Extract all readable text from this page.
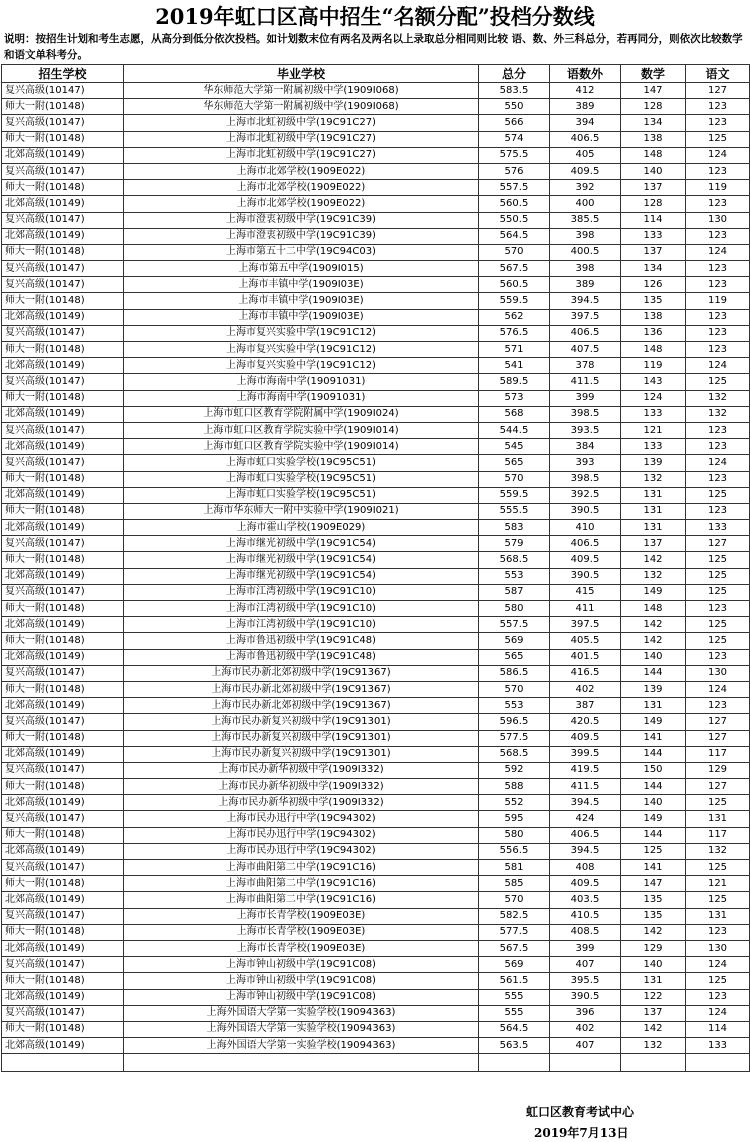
2019年虹口区高中招生“名额分配”投档分数线
说明：按招生计划和考生志愿，从高分到低分依次投档。如计划数末位有两名及两名以上录取总分相同则比较 语、数、外三科总分，若再同分，则依次比较数学和语文单科考分。
招生学校	毕业学校	总分	语数外	数学	语文
复兴高级(10147)	华东师范大学第一附属初级中学(1909I068)	583.5	412	147	127
师大一附(10148)	华东师范大学第一附属初级中学(1909I068)	550	389	128	123
复兴高级(10147)	上海市北虹初级中学(19C91C27)	566	394	134	123
师大一附(10148)	上海市北虹初级中学(19C91C27)	574	406.5	138	125
北郊高级(10149)	上海市北虹初级中学(19C91C27)	575.5	405	148	124
复兴高级(10147)	上海市北郊学校(1909E022)	576	409.5	140	123
师大一附(10148)	上海市北郊学校(1909E022)	557.5	392	137	119
北郊高级(10149)	上海市北郊学校(1909E022)	560.5	400	128	123
复兴高级(10147)	上海市澄衷初级中学(19C91C39)	550.5	385.5	114	130
北郊高级(10149)	上海市澄衷初级中学(19C91C39)	564.5	398	133	123
师大一附(10148)	上海市第五十二中学(19C94C03)	570	400.5	137	124
复兴高级(10147)	上海市第五中学(1909I015)	567.5	398	134	123
复兴高级(10147)	上海市丰镇中学(1909I03E)	560.5	389	126	123
师大一附(10148)	上海市丰镇中学(1909I03E)	559.5	394.5	135	119
北郊高级(10149)	上海市丰镇中学(1909I03E)	562	397.5	138	123
复兴高级(10147)	上海市复兴实验中学(19C91C12)	576.5	406.5	136	123
师大一附(10148)	上海市复兴实验中学(19C91C12)	571	407.5	148	123
北郊高级(10149)	上海市复兴实验中学(19C91C12)	541	378	119	124
复兴高级(10147)	上海市海南中学(19091031)	589.5	411.5	143	125
师大一附(10148)	上海市海南中学(19091031)	573	399	124	132
北郊高级(10149)	上海市虹口区教育学院附属中学(1909I024)	568	398.5	133	132
复兴高级(10147)	上海市虹口区教育学院实验中学(1909I014)	544.5	393.5	121	123
北郊高级(10149)	上海市虹口区教育学院实验中学(1909I014)	545	384	133	123
复兴高级(10147)	上海市虹口实验学校(19C95C51)	565	393	139	124
师大一附(10148)	上海市虹口实验学校(19C95C51)	570	398.5	132	123
北郊高级(10149)	上海市虹口实验学校(19C95C51)	559.5	392.5	131	125
师大一附(10148)	上海市华东师大一附中实验中学(1909I021)	555.5	390.5	131	123
北郊高级(10149)	上海市霍山学校(1909E029)	583	410	131	133
复兴高级(10147)	上海市继光初级中学(19C91C54)	579	406.5	137	127
师大一附(10148)	上海市继光初级中学(19C91C54)	568.5	409.5	142	125
北郊高级(10149)	上海市继光初级中学(19C91C54)	553	390.5	132	125
复兴高级(10147)	上海市江湾初级中学(19C91C10)	587	415	149	125
师大一附(10148)	上海市江湾初级中学(19C91C10)	580	411	148	123
北郊高级(10149)	上海市江湾初级中学(19C91C10)	557.5	397.5	142	125
师大一附(10148)	上海市鲁迅初级中学(19C91C48)	569	405.5	142	125
北郊高级(10149)	上海市鲁迅初级中学(19C91C48)	565	401.5	140	123
复兴高级(10147)	上海市民办新北郊初级中学(19C91367)	586.5	416.5	144	130
师大一附(10148)	上海市民办新北郊初级中学(19C91367)	570	402	139	124
北郊高级(10149)	上海市民办新北郊初级中学(19C91367)	553	387	131	123
复兴高级(10147)	上海市民办新复兴初级中学(19C91301)	596.5	420.5	149	127
师大一附(10148)	上海市民办新复兴初级中学(19C91301)	577.5	409.5	141	127
北郊高级(10149)	上海市民办新复兴初级中学(19C91301)	568.5	399.5	144	117
复兴高级(10147)	上海市民办新华初级中学(1909I332)	592	419.5	150	129
师大一附(10148)	上海市民办新华初级中学(1909I332)	588	411.5	144	127
北郊高级(10149)	上海市民办新华初级中学(1909I332)	552	394.5	140	125
复兴高级(10147)	上海市民办迅行中学(19C94302)	595	424	149	131
师大一附(10148)	上海市民办迅行中学(19C94302)	580	406.5	144	117
北郊高级(10149)	上海市民办迅行中学(19C94302)	556.5	394.5	125	132
复兴高级(10147)	上海市曲阳第二中学(19C91C16)	581	408	141	125
师大一附(10148)	上海市曲阳第二中学(19C91C16)	585	409.5	147	121
北郊高级(10149)	上海市曲阳第二中学(19C91C16)	570	403.5	135	125
复兴高级(10147)	上海市长青学校(1909E03E)	582.5	410.5	135	131
师大一附(10148)	上海市长青学校(1909E03E)	577.5	408.5	142	123
北郊高级(10149)	上海市长青学校(1909E03E)	567.5	399	129	130
复兴高级(10147)	上海市钟山初级中学(19C91C08)	569	407	140	124
师大一附(10148)	上海市钟山初级中学(19C91C08)	561.5	395.5	131	125
北郊高级(10149)	上海市钟山初级中学(19C91C08)	555	390.5	122	123
复兴高级(10147)	上海外国语大学第一实验学校(19094363)	555	396	137	124
师大一附(10148)	上海外国语大学第一实验学校(19094363)	564.5	402	142	114
北郊高级(10149)	上海外国语大学第一实验学校(19094363)	563.5	407	132	133

虹口区教育考试中心
2019年7月13日
